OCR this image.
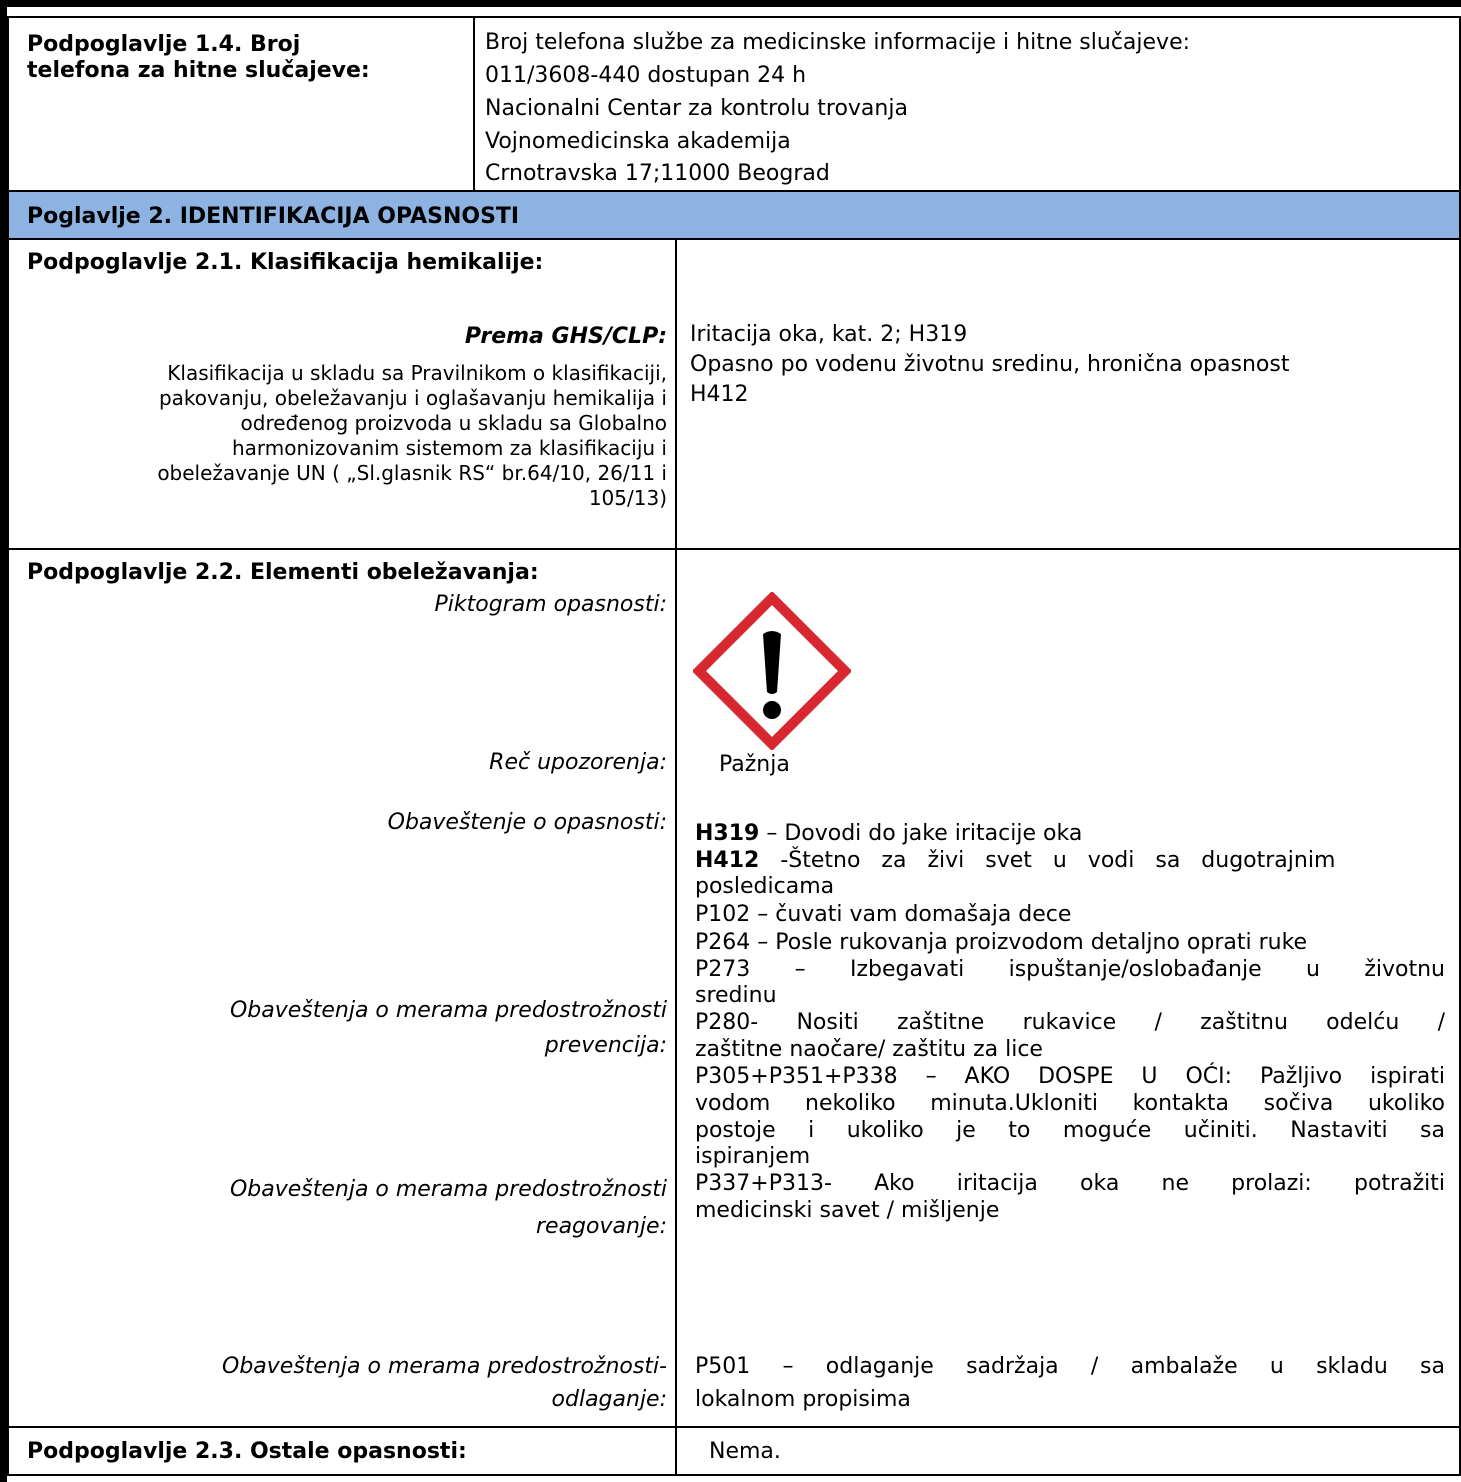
Podpoglavlje 1.4. Broj
telefona za hitne slučajeve:
Broj telefona službe za medicinske informacije i hitne slučajeve:
011/3608-440 dostupan 24 h
Nacionalni Centar za kontrolu trovanja
Vojnomedicinska akademija
Crnotravska 17;11000 Beograd
Poglavlje 2. IDENTIFIKACIJA OPASNOSTI
Podpoglavlje 2.1. Klasifikacija hemikalije:
Prema GHS/CLP:
Klasifikacija u skladu sa Pravilnikom o klasifikaciji,
pakovanju, obeležavanju i oglašavanju hemikalija i
određenog proizvoda u skladu sa Globalno
harmonizovanim sistemom za klasifikaciju i
obeležavanje UN ( „Sl.glasnik RS“ br.64/10, 26/11 i
105/13)
Iritacija oka, kat. 2; H319
Opasno po vodenu životnu sredinu, hronična opasnost
H412
Podpoglavlje 2.2. Elementi obeležavanja:
Piktogram opasnosti:
Reč upozorenja:
Obaveštenje o opasnosti:
Obaveštenja o merama predostrožnosti
prevencija:
Obaveštenja o merama predostrožnosti
reagovanje:
Obaveštenja o merama predostrožnosti-
odlaganje:
Pažnja
H319 – Dovodi do jake iritacije oka
H412 -Štetno za živi svet u vodi sa dugotrajnim
posledicama
P102 – čuvati vam domašaja dece
P264 – Posle rukovanja proizvodom detaljno oprati ruke
P273 – Izbegavati ispuštanje/oslobađanje u životnu
sredinu
P280- Nositi zaštitne rukavice / zaštitnu odelću /
zaštitne naočare/ zaštitu za lice
P305+P351+P338 – AKO DOSPE U OĆI: Pažljivo ispirati
vodom nekoliko minuta.Ukloniti kontakta sočiva ukoliko
postoje i ukoliko je to moguće učiniti. Nastaviti sa
ispiranjem
P337+P313- Ako iritacija oka ne prolazi: potražiti
medicinski savet / mišljenje
P501 – odlaganje sadržaja / ambalaže u skladu sa
lokalnom propisima
Podpoglavlje 2.3. Ostale opasnosti:	Nema.
